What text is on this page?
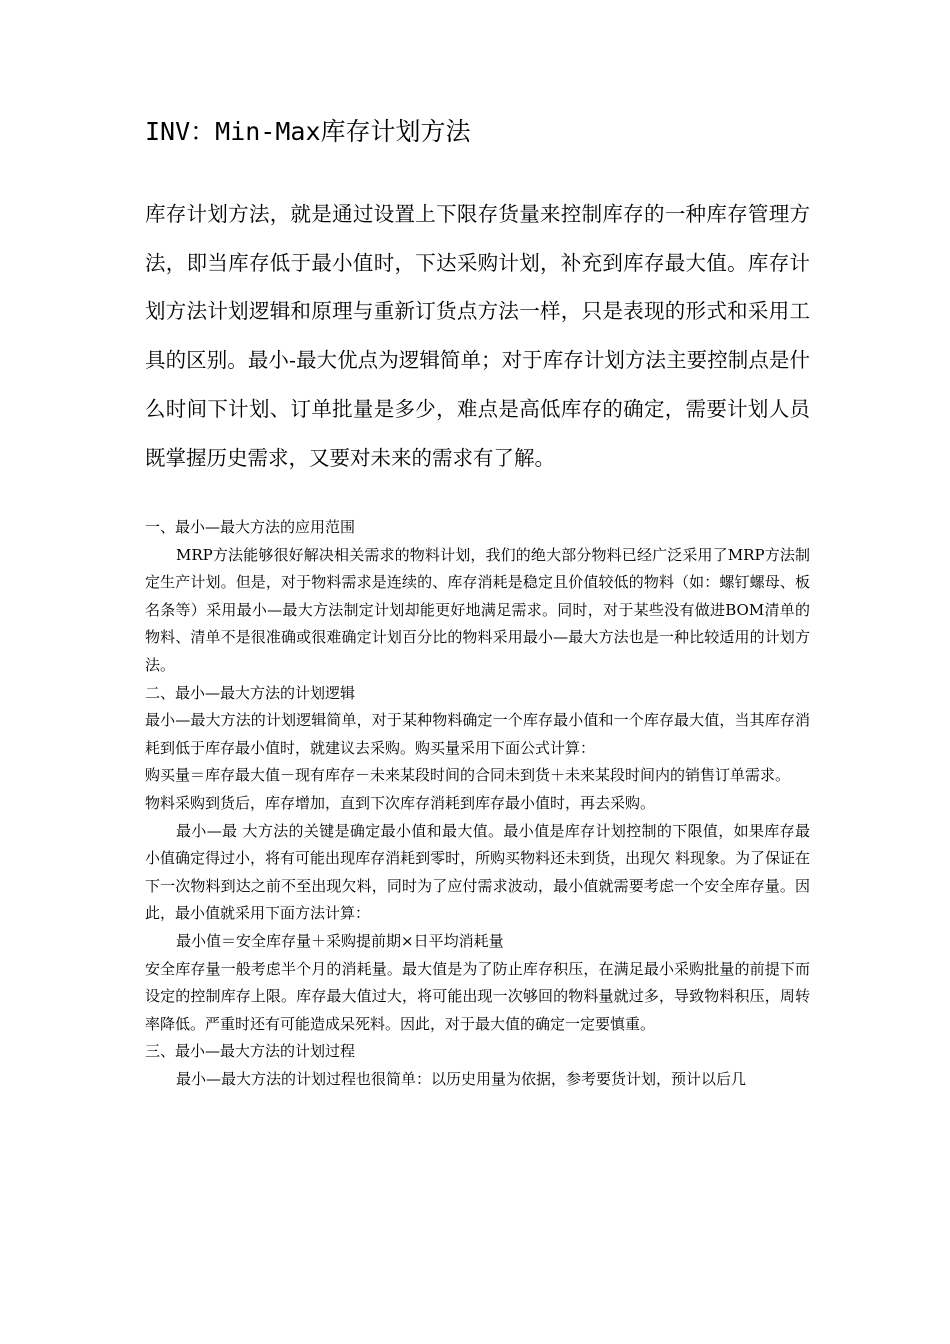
INV：Min-Max库存计划方法

库存计划方法，就是通过设置上下限存货量来控制库存的一种库存管理方法，即当库存低于最小值时，下达采购计划，补充到库存最大值。库存计划方法计划逻辑和原理与重新订货点方法一样，只是表现的形式和采用工具的区别。最小-最大优点为逻辑简单；对于库存计划方法主要控制点是什么时间下计划、订单批量是多少，难点是高低库存的确定，需要计划人员既掌握历史需求，又要对未来的需求有了解。

一、最小—最大方法的应用范围

MRP方法能够很好解决相关需求的物料计划，我们的绝大部分物料已经广泛采用了MRP方法制定生产计划。但是，对于物料需求是连续的、库存消耗是稳定且价值较低的物料（如：螺钉螺母、板名条等）采用最小—最大方法制定计划却能更好地满足需求。同时，对于某些没有做进BOM清单的物料、清单不是很准确或很难确定计划百分比的物料采用最小—最大方法也是一种比较适用的计划方法。

二、最小—最大方法的计划逻辑

最小—最大方法的计划逻辑简单，对于某种物料确定一个库存最小值和一个库存最大值，当其库存消耗到低于库存最小值时，就建议去采购。购买量采用下面公式计算：

购买量＝库存最大值－现有库存－未来某段时间的合同未到货＋未来某段时间内的销售订单需求。

物料采购到货后，库存增加，直到下次库存消耗到库存最小值时，再去采购。

最小—最 大方法的关键是确定最小值和最大值。最小值是库存计划控制的下限值，如果库存最小值确定得过小，将有可能出现库存消耗到零时，所购买物料还未到货，出现欠 料现象。为了保证在下一次物料到达之前不至出现欠料，同时为了应付需求波动，最小值就需要考虑一个安全库存量。因此，最小值就采用下面方法计算：

最小值＝安全库存量＋采购提前期×日平均消耗量

安全库存量一般考虑半个月的消耗量。最大值是为了防止库存积压，在满足最小采购批量的前提下而设定的控制库存上限。库存最大值过大，将可能出现一次够回的物料量就过多，导致物料积压，周转率降低。严重时还有可能造成呆死料。因此，对于最大值的确定一定要慎重。

三、最小—最大方法的计划过程

最小—最大方法的计划过程也很简单：以历史用量为依据，参考要货计划，预计以后几
